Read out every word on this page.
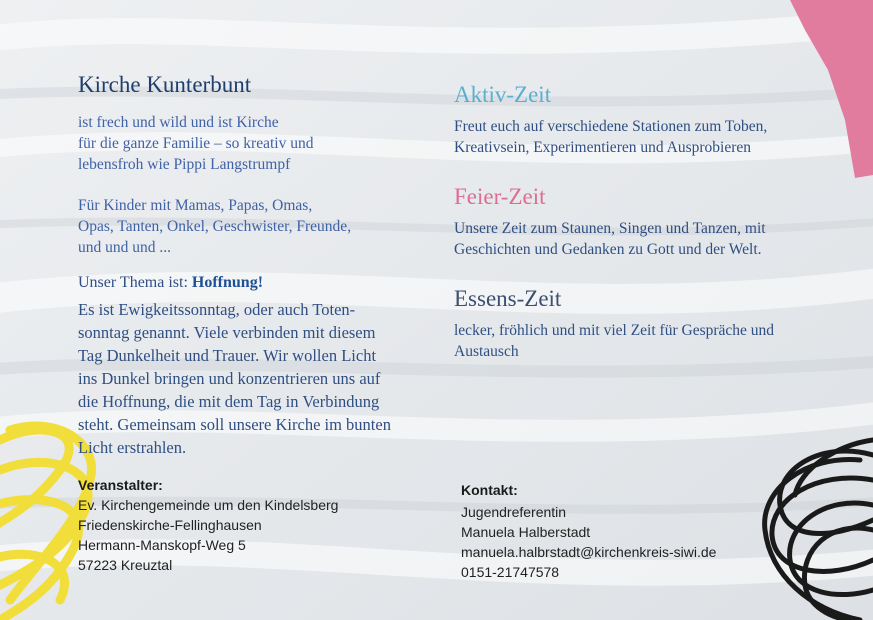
Kirche Kunterbunt

ist frech und wild und ist Kirche

für die ganze Familie – so kreativ und

lebensfroh wie Pippi Langstrumpf

Für Kinder mit Mamas, Papas, Omas,

Opas, Tanten, Onkel, Geschwister, Freunde,

und und und ...

Unser Thema ist: Hoffnung!

Es ist Ewigkeitssonntag, oder auch Toten-

sonntag genannt. Viele verbinden mit diesem

Tag Dunkelheit und Trauer. Wir wollen Licht

ins Dunkel bringen und konzentrieren uns auf

die Hoffnung, die mit dem Tag in Verbindung

steht. Gemeinsam soll unsere Kirche im bunten

Licht erstrahlen.

Veranstalter:

Ev. Kirchengemeinde um den Kindelsberg
Friedenskirche-Fellinghausen
Hermann-Manskopf-Weg 5
57223 Kreuztal
Aktiv-Zeit

Freut euch auf verschiedene Stationen zum Toben,

Kreativsein, Experimentieren und Ausprobieren

Feier-Zeit

Unsere Zeit zum Staunen, Singen und Tanzen, mit

Geschichten und Gedanken zu Gott und der Welt.

Essens-Zeit

lecker, fröhlich und mit viel Zeit für Gespräche und

Austausch

Kontakt:

Jugendreferentin
Manuela Halberstadt
manuela.halbrstadt@kirchenkreis-siwi.de
0151-21747578
